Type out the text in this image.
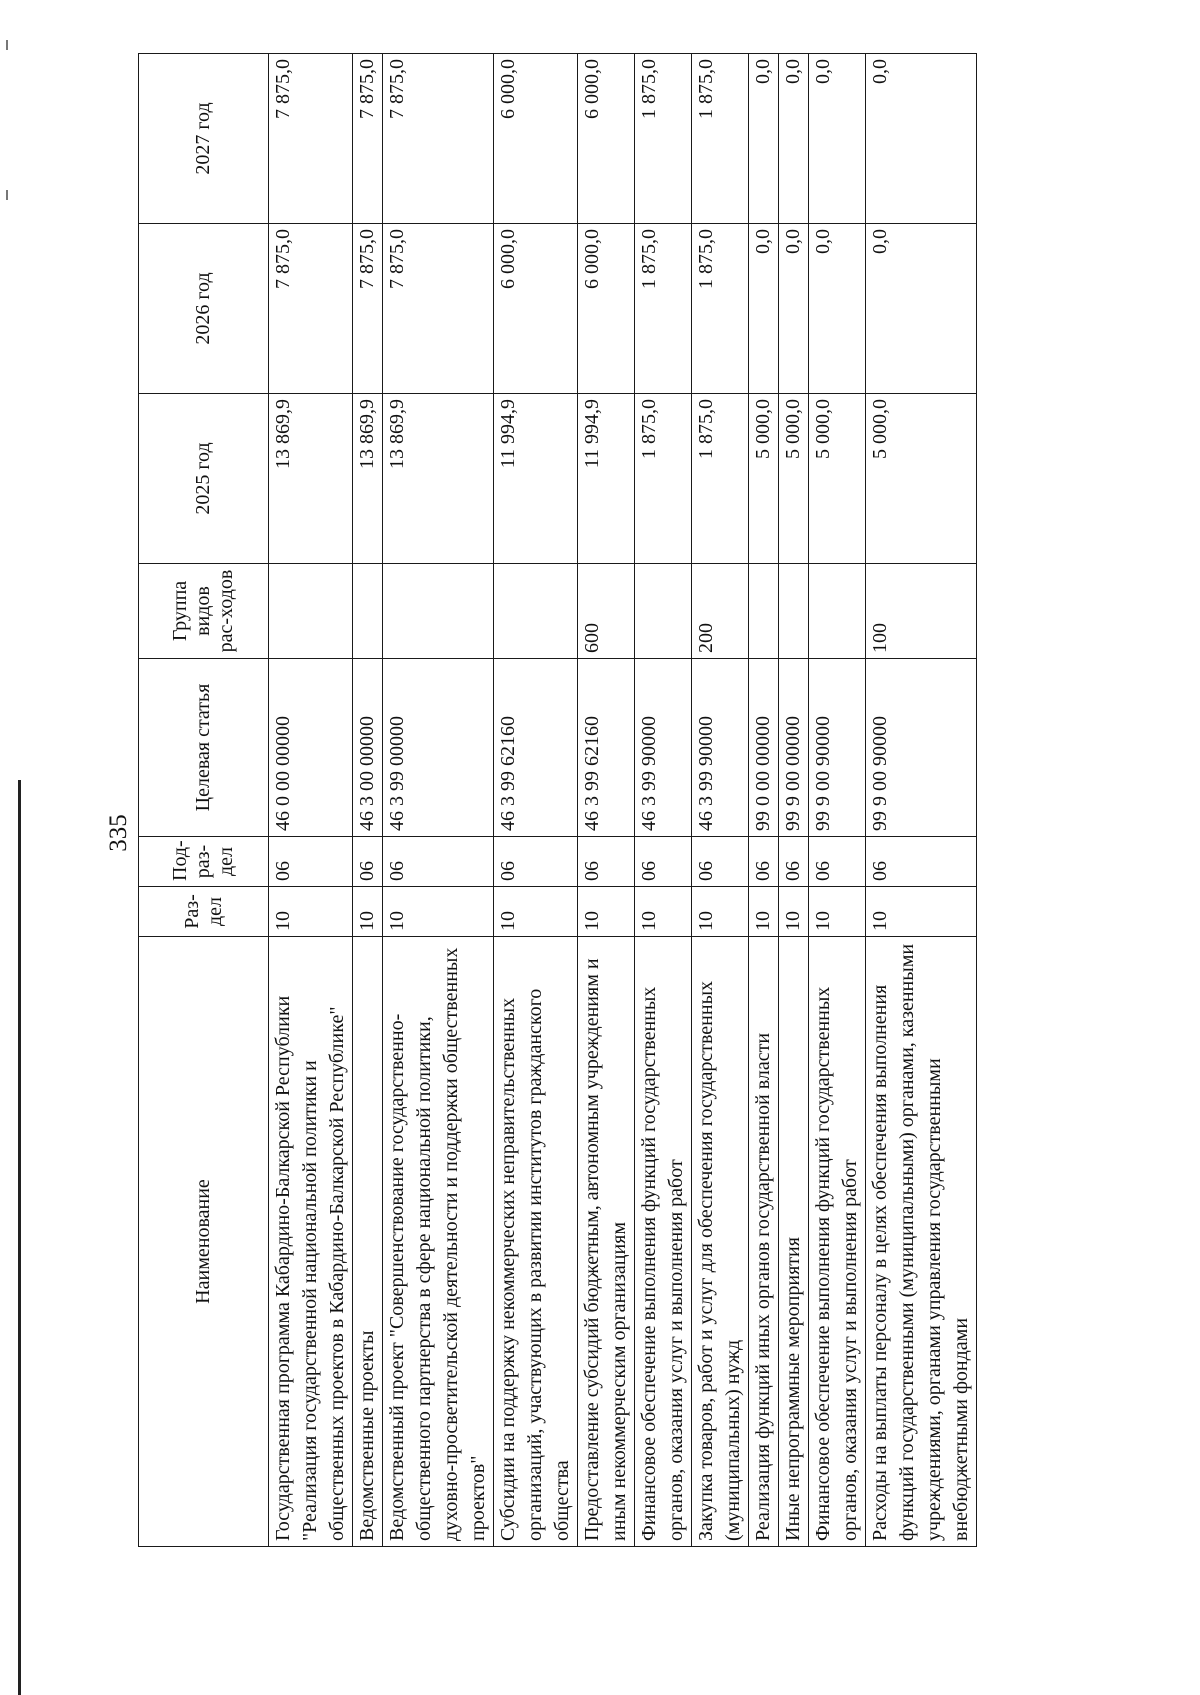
335
Наименование	Раз-дел	Под-раз-дел	Целевая статья	Группа видов рас-ходов	2025 год	2026 год	2027 год
Государственная программа Кабардино-Балкарской Республики "Реализация государственной национальной политики и общественных проектов в Кабардино-Балкарской Республике"	10	06	46 0 00 00000		13 869,9	7 875,0	7 875,0
Ведомственные проекты	10	06	46 3 00 00000		13 869,9	7 875,0	7 875,0
Ведомственный проект "Совершенствование государственно-общественного партнерства в сфере национальной политики, духовно-просветительской деятельности и поддержки общественных проектов"	10	06	46 3 99 00000		13 869,9	7 875,0	7 875,0
Субсидии на поддержку некоммерческих неправительственных организаций, участвующих в развитии институтов гражданского общества	10	06	46 3 99 62160		11 994,9	6 000,0	6 000,0
Предоставление субсидий бюджетным, автономным учреждениям и иным некоммерческим организациям	10	06	46 3 99 62160	600	11 994,9	6 000,0	6 000,0
Финансовое обеспечение выполнения функций государственных органов, оказания услуг и выполнения работ	10	06	46 3 99 90000		1 875,0	1 875,0	1 875,0
Закупка товаров, работ и услуг для обеспечения государственных (муниципальных) нужд	10	06	46 3 99 90000	200	1 875,0	1 875,0	1 875,0
Реализация функций иных органов государственной власти	10	06	99 0 00 00000		5 000,0	0,0	0,0
Иные непрограммные мероприятия	10	06	99 9 00 00000		5 000,0	0,0	0,0
Финансовое обеспечение выполнения функций государственных органов, оказания услуг и выполнения работ	10	06	99 9 00 90000		5 000,0	0,0	0,0
Расходы на выплаты персоналу в целях обеспечения выполнения функций государственными (муниципальными) органами, казенными учреждениями, органами управления государственными внебюджетными фондами	10	06	99 9 00 90000	100	5 000,0	0,0	0,0
